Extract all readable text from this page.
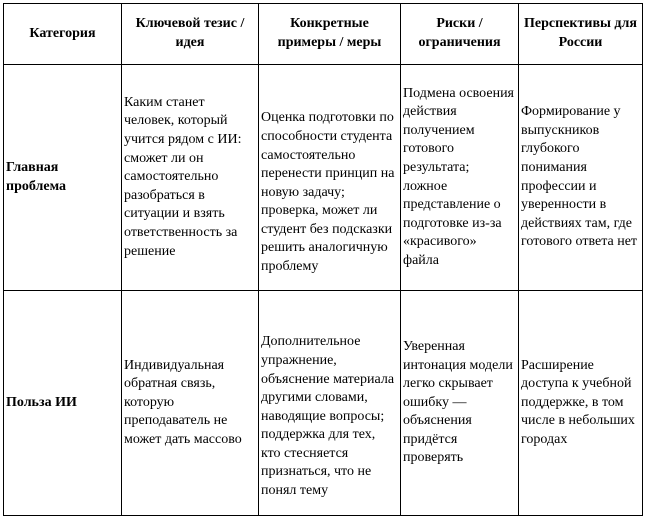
Категория	Ключевой тезис / идея	Конкретные примеры / меры	Риски / ограничения	Перспективы для России
Главная проблема	Каким станет человек, который учится рядом с ИИ: сможет ли он самостоятельно разобраться в ситуации и взять ответственность за решение	Оценка подготовки по способности студента самостоятельно перенести принцип на новую задачу; проверка, может ли студент без подсказки решить аналогичную проблему	Подмена освоения действия получением готового результата; ложное представление о подготовке из-за «красивого» файла	Формирование у выпускников глубокого понимания профессии и уверенности в действиях там, где готового ответа нет
Польза ИИ	Индивидуальная обратная связь, которую преподаватель не может дать массово	Дополнительное упражнение, объяснение материала другими словами, наводящие вопросы; поддержка для тех, кто стесняется признаться, что не понял тему	Уверенная интонация модели легко скрывает ошибку — объяснения придётся проверять	Расширение доступа к учебной поддержке, в том числе в небольших городах
